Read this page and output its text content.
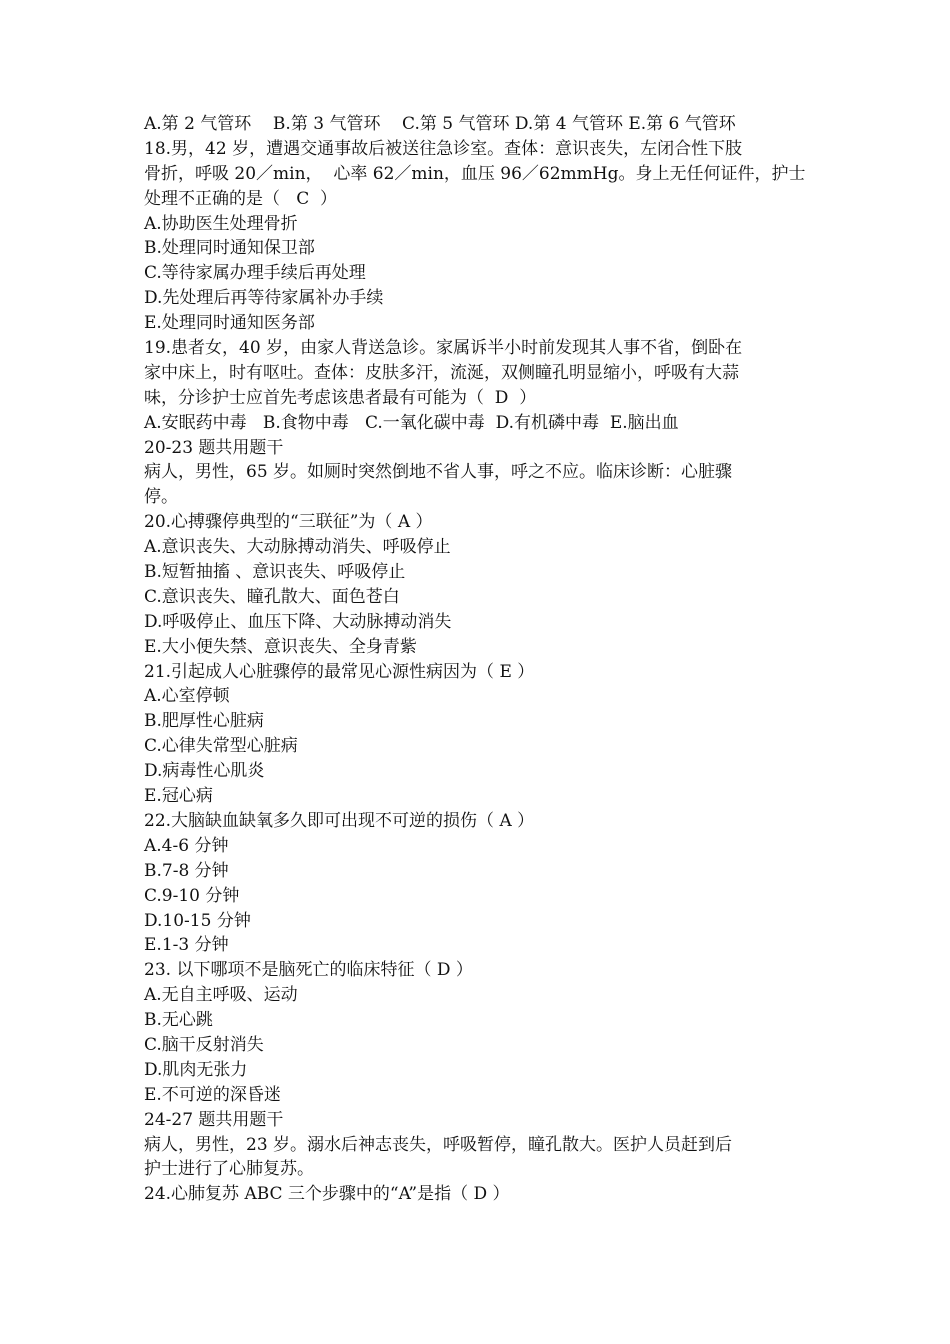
A.第 2 气管环    B.第 3 气管环    C.第 5 气管环 D.第 4 气管环 E.第 6 气管环
18.男，42 岁，遭遇交通事故后被送往急诊室。查体：意识丧失，左闭合性下肢
骨折，呼吸 20／min，  心率 62／min，血压 96／62mmHg。身上无任何证件，护士
处理不正确的是（   C  ）
A.协助医生处理骨折
B.处理同时通知保卫部
C.等待家属办理手续后再处理
D.先处理后再等待家属补办手续
E.处理同时通知医务部
19.患者女，40 岁，由家人背送急诊。家属诉半小时前发现其人事不省，倒卧在
家中床上，时有呕吐。查体：皮肤多汗，流涎，双侧瞳孔明显缩小，呼吸有大蒜
味，分诊护士应首先考虑该患者最有可能为（  D  ）
A.安眠药中毒   B.食物中毒   C.一氧化碳中毒  D.有机磷中毒  E.脑出血
20-23 题共用题干
病人，男性，65 岁。如厕时突然倒地不省人事，呼之不应。临床诊断：心脏骤
停。
20.心搏骤停典型的“三联征”为（ A ）
A.意识丧失、大动脉搏动消失、呼吸停止
B.短暂抽搐 、意识丧失、呼吸停止
C.意识丧失、瞳孔散大、面色苍白
D.呼吸停止、血压下降、大动脉搏动消失
E.大小便失禁、意识丧失、全身青紫
21.引起成人心脏骤停的最常见心源性病因为（ E ）
A.心室停顿
B.肥厚性心脏病
C.心律失常型心脏病
D.病毒性心肌炎
E.冠心病
22.大脑缺血缺氧多久即可出现不可逆的损伤（ A ）
A.4-6 分钟
B.7-8 分钟
C.9-10 分钟
D.10-15 分钟
E.1-3 分钟
23. 以下哪项不是脑死亡的临床特征（ D ）
A.无自主呼吸、运动
B.无心跳
C.脑干反射消失
D.肌肉无张力
E.不可逆的深昏迷
24-27 题共用题干
病人，男性，23 岁。溺水后神志丧失，呼吸暂停，瞳孔散大。医护人员赶到后
护士进行了心肺复苏。
24.心肺复苏 ABC 三个步骤中的“A”是指（ D ）
